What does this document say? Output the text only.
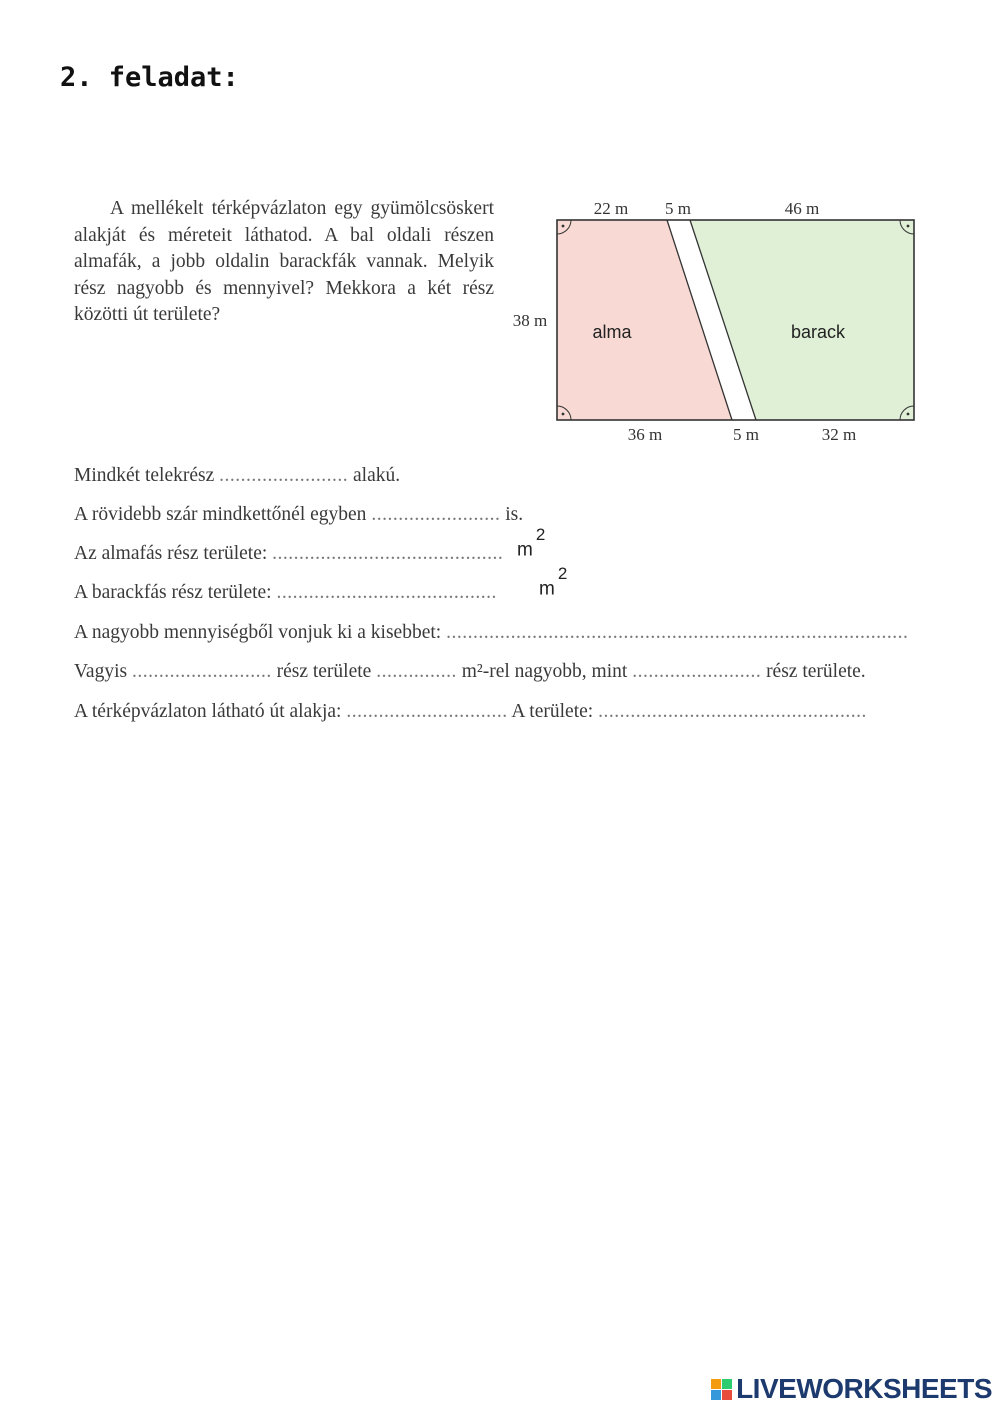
2. feladat:
A mellékelt térképvázlaton egy gyümölcsöskert alakját és méreteit láthatod. A bal oldali részen almafák, a jobb oldalin barackfák vannak. Melyik rész nagyobb és mennyivel? Mekkora a két rész közötti út területe?
22 m 5 m	46 m
36 m	5 m	32 m
38 m
alma	barack
Mindkét telekrész ........................ alakú.
A rövidebb szár mindkettőnél egyben ........................ is.
Az almafás rész területe: ........................................... $m^2$
A barackfás rész területe: ......................................... $m^2$
A nagyobb mennyiségből vonjuk ki a kisebbet: ......................................................................................
Vagyis .......................... rész területe ............... m²-rel nagyobb, mint ........................ rész területe.
A térképvázlaton látható út alakja: .............................. A területe: ..................................................
LIVEWORKSHEETS
